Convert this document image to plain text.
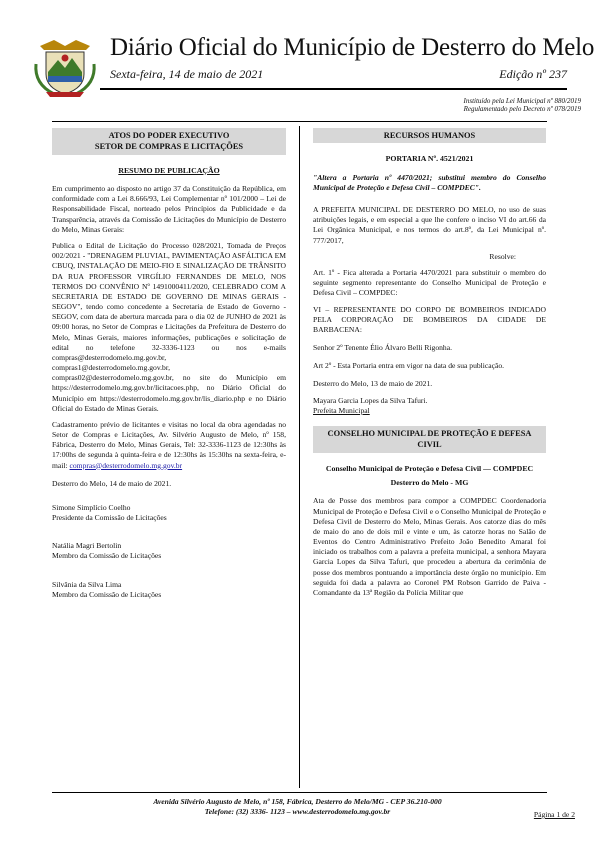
Diário Oficial do Município de Desterro do Melo
Sexta-feira, 14 de maio de 2021	Edição nº 237
Instituído pela Lei Municipal nº 880/2019
Regulamentado pelo Decreto nº 078/2019
ATOS DO PODER EXECUTIVO
SETOR DE COMPRAS E LICITAÇÕES
RESUMO DE PUBLICAÇÃO

Em cumprimento ao disposto no artigo 37 da Constituição da República, em conformidade com a Lei 8.666/93, Lei Complementar nº 101/2000 – Lei de Responsabilidade Fiscal, norteado pelos Princípios da Publicidade e da Transparência, através da Comissão de Licitações do Município de Desterro do Melo, Minas Gerais:

Publica o Edital de Licitação do Processo 028/2021, Tomada de Preços 002/2021 - "DRENAGEM PLUVIAL, PAVIMENTAÇÃO ASFÁLTICA EM CBUQ, INSTALAÇÃO DE MEIO-FIO E SINALIZAÇÃO DE TRÂNSITO DA RUA PROFESSOR VIRGÍLIO FERNANDES DE MELO, NOS TERMOS DO CONVÊNIO Nº 1491000411/2020, CELEBRADO COM A SECRETARIA DE ESTADO DE GOVERNO DE MINAS GERAIS - SEGOV", tendo como concedente a Secretaria de Estado de Governo - SEGOV, com data de abertura marcada para o dia 02 de JUNHO de 2021 às 09:00 horas, no Setor de Compras e Licitações da Prefeitura de Desterro do Melo, Minas Gerais, maiores informações, publicações e solicitação de edital no telefone 32-3336-1123 ou nos e-mails compras@desterrodomelo.mg.gov.br, compras1@desterrodomelo.mg.gov.br, compras02@desterrodomelo.mg.gov.br, no site do Município em https://desterrodomelo.mg.gov.br/licitacoes.php, no Diário Oficial do Município em https://desterrodomelo.mg.gov.br/lis_diario.php e no Diário Oficial do Estado de Minas Gerais.

Cadastramento prévio de licitantes e visitas no local da obra agendadas no Setor de Compras e Licitações, Av. Silvério Augusto de Melo, nº 158, Fábrica, Desterro do Melo, Minas Gerais, Tel: 32-3336-1123 de 12:30hs às 17:00hs de segunda à quinta-feira e de 12:30hs às 15:30hs na sexta-feira, e-mail: compras@desterrodomelo.mg.gov.br

Desterro do Melo, 14 de maio de 2021.

Simone Simplício Coelho

Presidente da Comissão de Licitações

Natália Magri Bertolin

Membro da Comissão de Licitações

Silvânia da Silva Lima

Membro da Comissão de Licitações

RECURSOS HUMANOS
PORTARIA Nº. 4521/2021

"Altera a Portaria nº 4470/2021; substitui membro do Conselho Municipal de Proteção e Defesa Civil – COMPDEC".

A PREFEITA MUNICIPAL DE DESTERRO DO MELO, no uso de suas atribuições legais, e em especial a que lhe confere o inciso VI do art.66 da Lei Orgânica Municipal, e nos termos do art.8º, da Lei Municipal nº. 777/2017,

Resolve:

Art. 1º - Fica alterada a Portaria 4470/2021 para substituir o membro do seguinte segmento representante do Conselho Municipal de Proteção e Defesa Civil – COMPDEC:

VI – REPRESENTANTE DO CORPO DE BOMBEIROS INDICADO PELA CORPORAÇÃO DE BOMBEIROS DA CIDADE DE BARBACENA:

Senhor 2º Tenente Élio Álvaro Belli Rigonha.

Art 2º - Esta Portaria entra em vigor na data de sua publicação.

Desterro do Melo, 13 de maio de 2021.

Mayara Garcia Lopes da Silva Tafuri.

Prefeita Municipal

CONSELHO MUNICIPAL DE PROTEÇÃO E DEFESA CIVIL
Conselho Municipal de Proteção e Defesa Civil — COMPDEC
Desterro do Melo - MG

Ata de Posse dos membros para compor a COMPDEC Coordenadoria Municipal de Proteção e Defesa Civil e o Conselho Municipal de Proteção e Defesa Civil de Desterro do Melo, Minas Gerais. Aos catorze dias do mês de maio do ano de dois mil e vinte e um, às catorze horas no Salão de Eventos do Centro Administrativo Prefeito João Benedito Amaral foi iniciado os trabalhos com a palavra a prefeita municipal, a senhora Mayara Garcia Lopes da Silva Tafuri, que procedeu a abertura da cerimônia de posse dos membros pontuando a importância deste órgão no município. Em seguida foi dada a palavra ao Coronel PM Robson Garrido de Paiva - Comandante da 13ª Região da Polícia Militar que

Avenida Silvério Augusto de Melo, nº 158, Fábrica, Desterro do Melo/MG - CEP 36.210-000
Telefone: (32) 3336- 1123 – www.desterrodomelo.mg.gov.br	Página 1 de 2
